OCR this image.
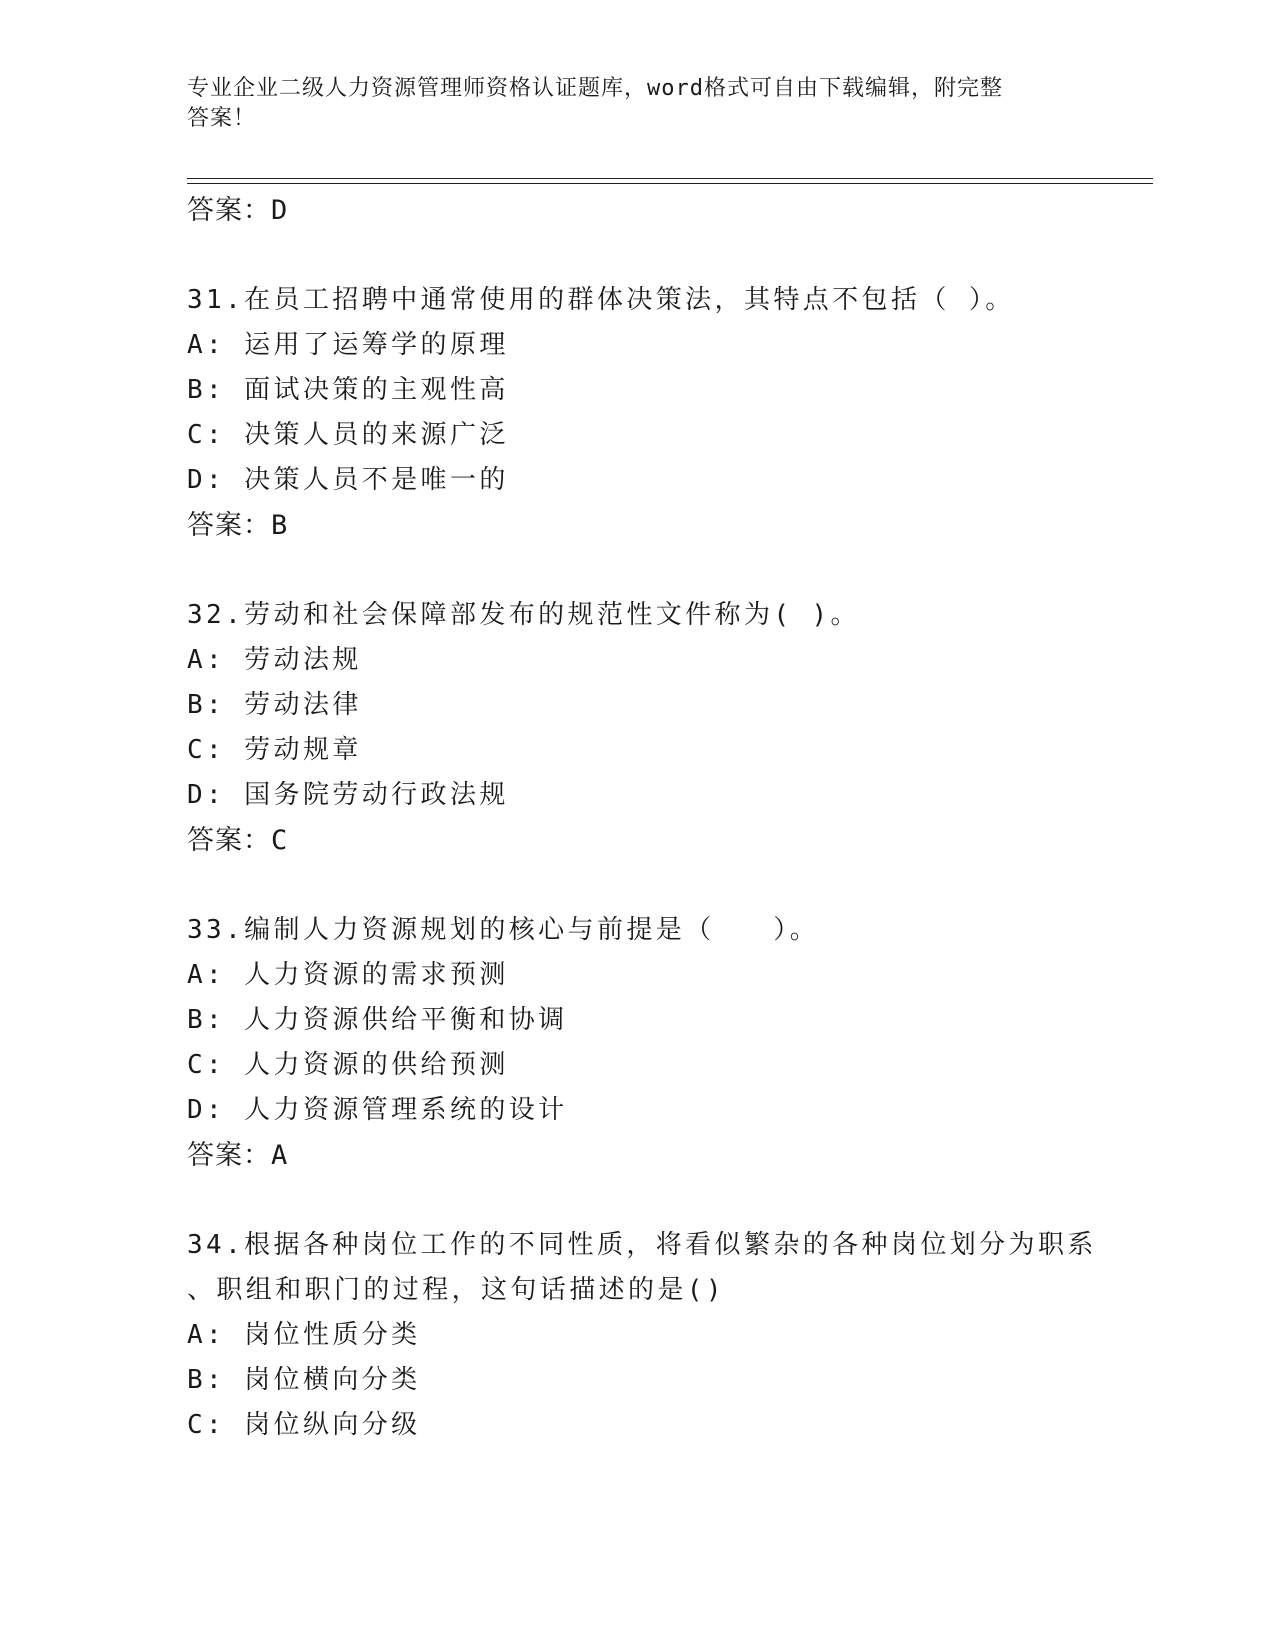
专业企业二级人力资源管理师资格认证题库，word格式可自由下载编辑，附完整
答案！
答案：D
31.在员工招聘中通常使用的群体决策法，其特点不包括（ ）。
A: 运用了运筹学的原理
B: 面试决策的主观性高
C: 决策人员的来源广泛
D: 决策人员不是唯一的
答案：B
32.劳动和社会保障部发布的规范性文件称为( )。
A: 劳动法规
B: 劳动法律
C: 劳动规章
D: 国务院劳动行政法规
答案：C
33.编制人力资源规划的核心与前提是（　　）。
A: 人力资源的需求预测
B: 人力资源供给平衡和协调
C: 人力资源的供给预测
D: 人力资源管理系统的设计
答案：A
34.根据各种岗位工作的不同性质，将看似繁杂的各种岗位划分为职系
、职组和职门的过程，这句话描述的是()
A: 岗位性质分类
B: 岗位横向分类
C: 岗位纵向分级
